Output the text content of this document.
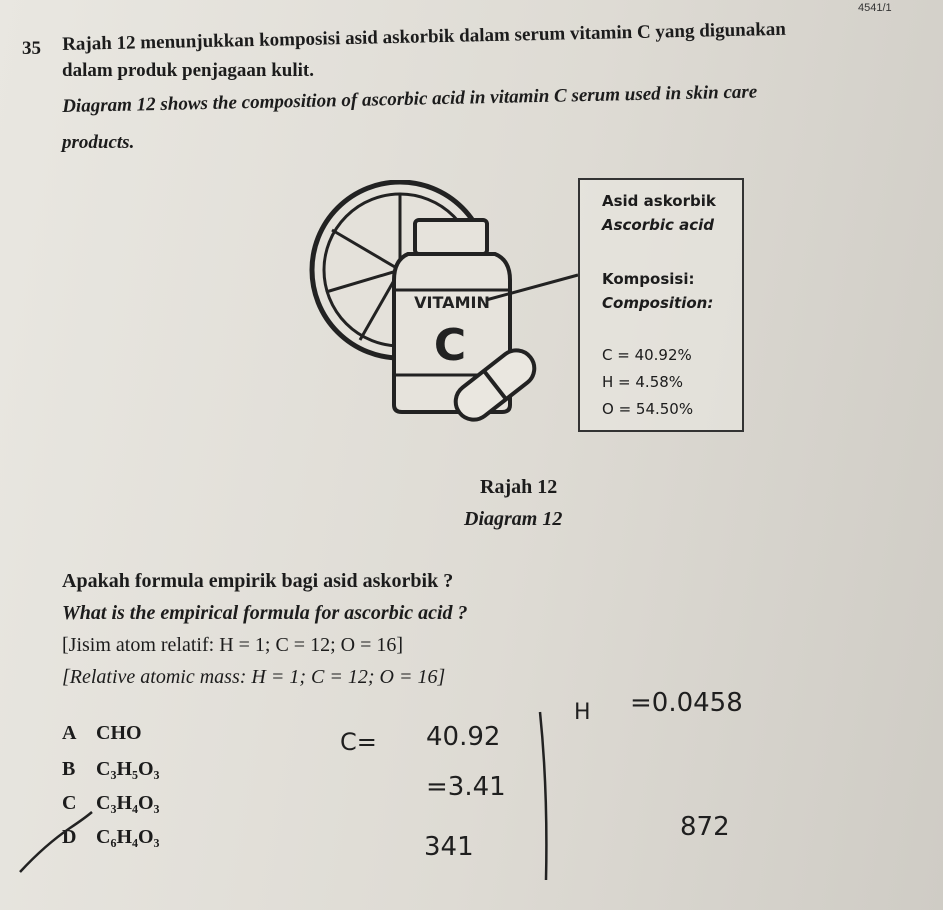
4541/1
35 Rajah 12 menunjukkan komposisi asid askorbik dalam serum vitamin C yang digunakan
dalam produk penjagaan kulit.
Diagram 12 shows the composition of ascorbic acid in vitamin C serum used in skin care
products.
VITAMIN
C
Asid askorbik
Ascorbic acid
Komposisi:
Composition:
C = 40.92%
H = 4.58%
O = 54.50%
Rajah 12
Diagram 12
Apakah formula empirik bagi asid askorbik ?
What is the empirical formula for ascorbic acid ?
[Jisim atom relatif: H = 1; C = 12; O = 16]
[Relative atomic mass: H = 1; C = 12; O = 16]
A CHO
B C₃H₅O₃
C C₃H₄O₃
D C₆H₄O₃
C= 40.92
=3.41
341
H =0.0458
872
